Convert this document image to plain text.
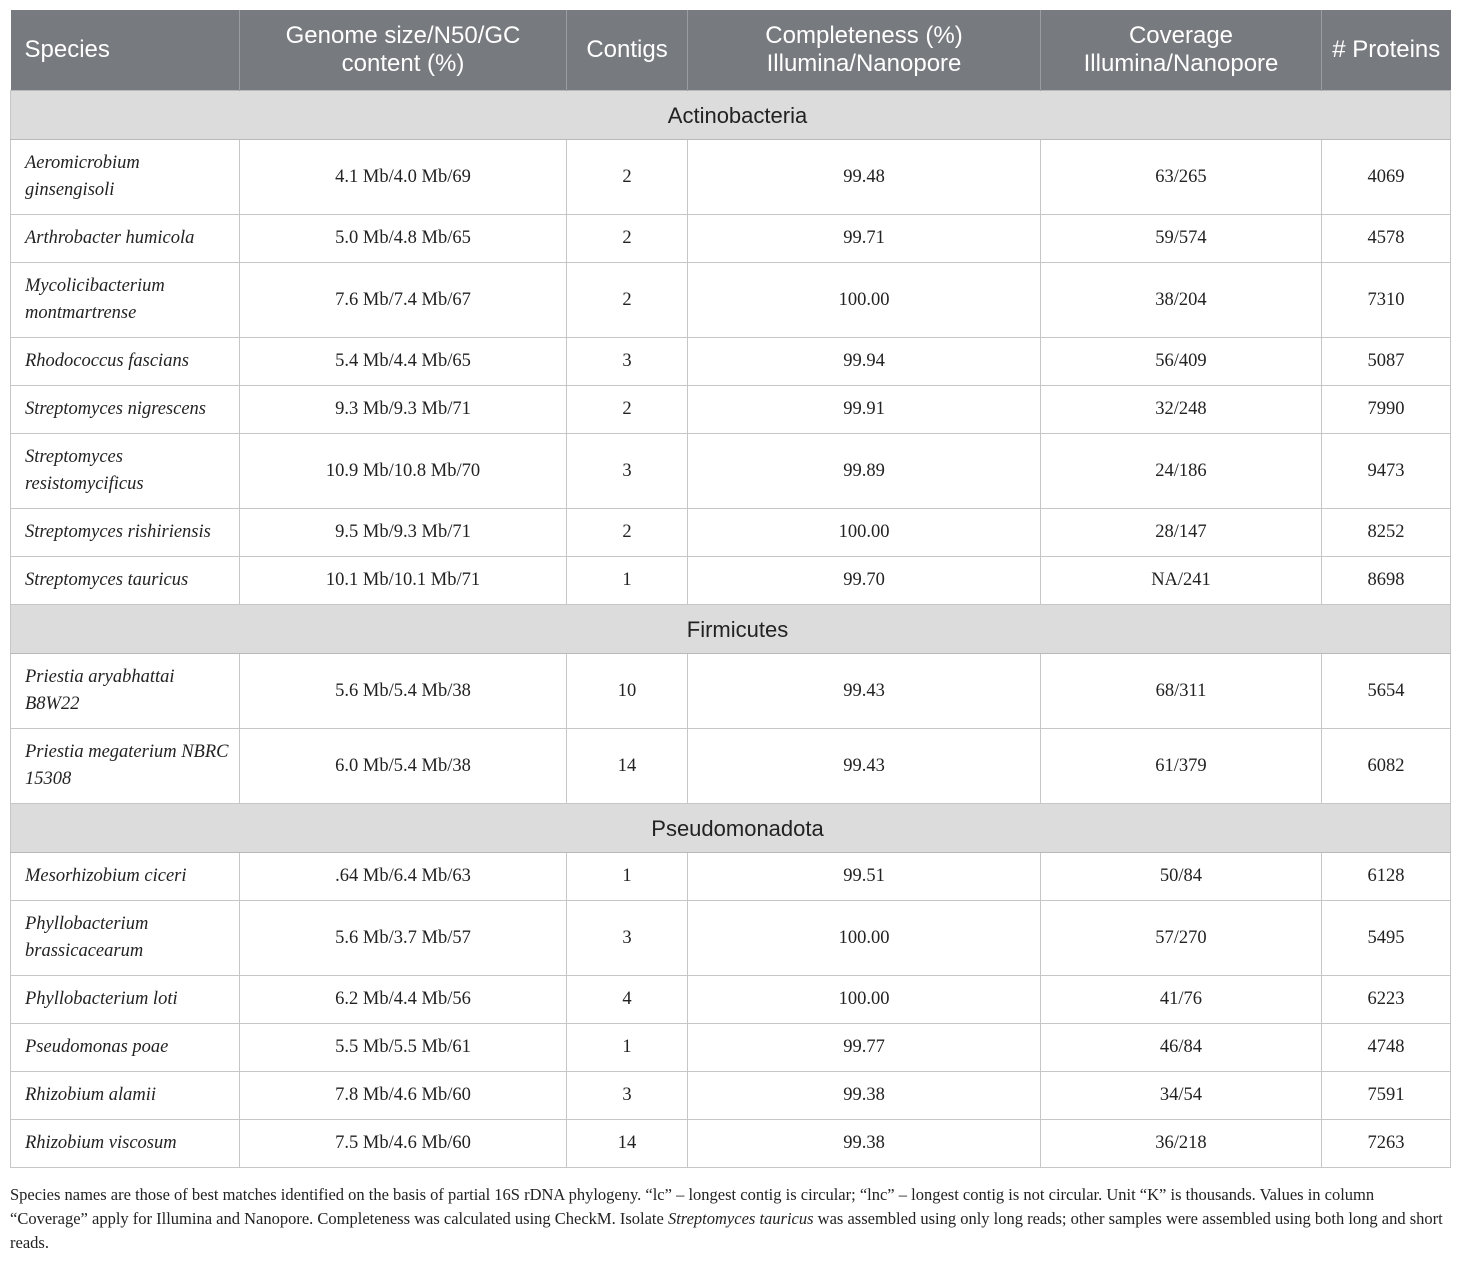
Species	Genome size/N50/GC content (%)	Contigs	Completeness (%) Illumina/Nanopore	Coverage Illumina/Nanopore	# Proteins
Actinobacteria					
Aeromicrobium ginsengisoli	4.1 Mb/4.0 Mb/69	2	99.48	63/265	4069
Arthrobacter humicola	5.0 Mb/4.8 Mb/65	2	99.71	59/574	4578
Mycolicibacterium montmartrense	7.6 Mb/7.4 Mb/67	2	100.00	38/204	7310
Rhodococcus fascians	5.4 Mb/4.4 Mb/65	3	99.94	56/409	5087
Streptomyces nigrescens	9.3 Mb/9.3 Mb/71	2	99.91	32/248	7990
Streptomyces resistomycificus	10.9 Mb/10.8 Mb/70	3	99.89	24/186	9473
Streptomyces rishiriensis	9.5 Mb/9.3 Mb/71	2	100.00	28/147	8252
Streptomyces tauricus	10.1 Mb/10.1 Mb/71	1	99.70	NA/241	8698
Firmicutes					
Priestia aryabhattai B8W22	5.6 Mb/5.4 Mb/38	10	99.43	68/311	5654
Priestia megaterium NBRC 15308	6.0 Mb/5.4 Mb/38	14	99.43	61/379	6082
Pseudomonadota					
Mesorhizobium ciceri	.64 Mb/6.4 Mb/63	1	99.51	50/84	6128
Phyllobacterium brassicacearum	5.6 Mb/3.7 Mb/57	3	100.00	57/270	5495
Phyllobacterium loti	6.2 Mb/4.4 Mb/56	4	100.00	41/76	6223
Pseudomonas poae	5.5 Mb/5.5 Mb/61	1	99.77	46/84	4748
Rhizobium alamii	7.8 Mb/4.6 Mb/60	3	99.38	34/54	7591
Rhizobium viscosum	7.5 Mb/4.6 Mb/60	14	99.38	36/218	7263
Species names are those of best matches identified on the basis of partial 16S rDNA phylogeny. “lc” – longest contig is circular; “lnc” – longest contig is not circular. Unit “K” is thousands. Values in column “Coverage” apply for Illumina and Nanopore. Completeness was calculated using CheckM. Isolate Streptomyces tauricus was assembled using only long reads; other samples were assembled using both long and short reads.
